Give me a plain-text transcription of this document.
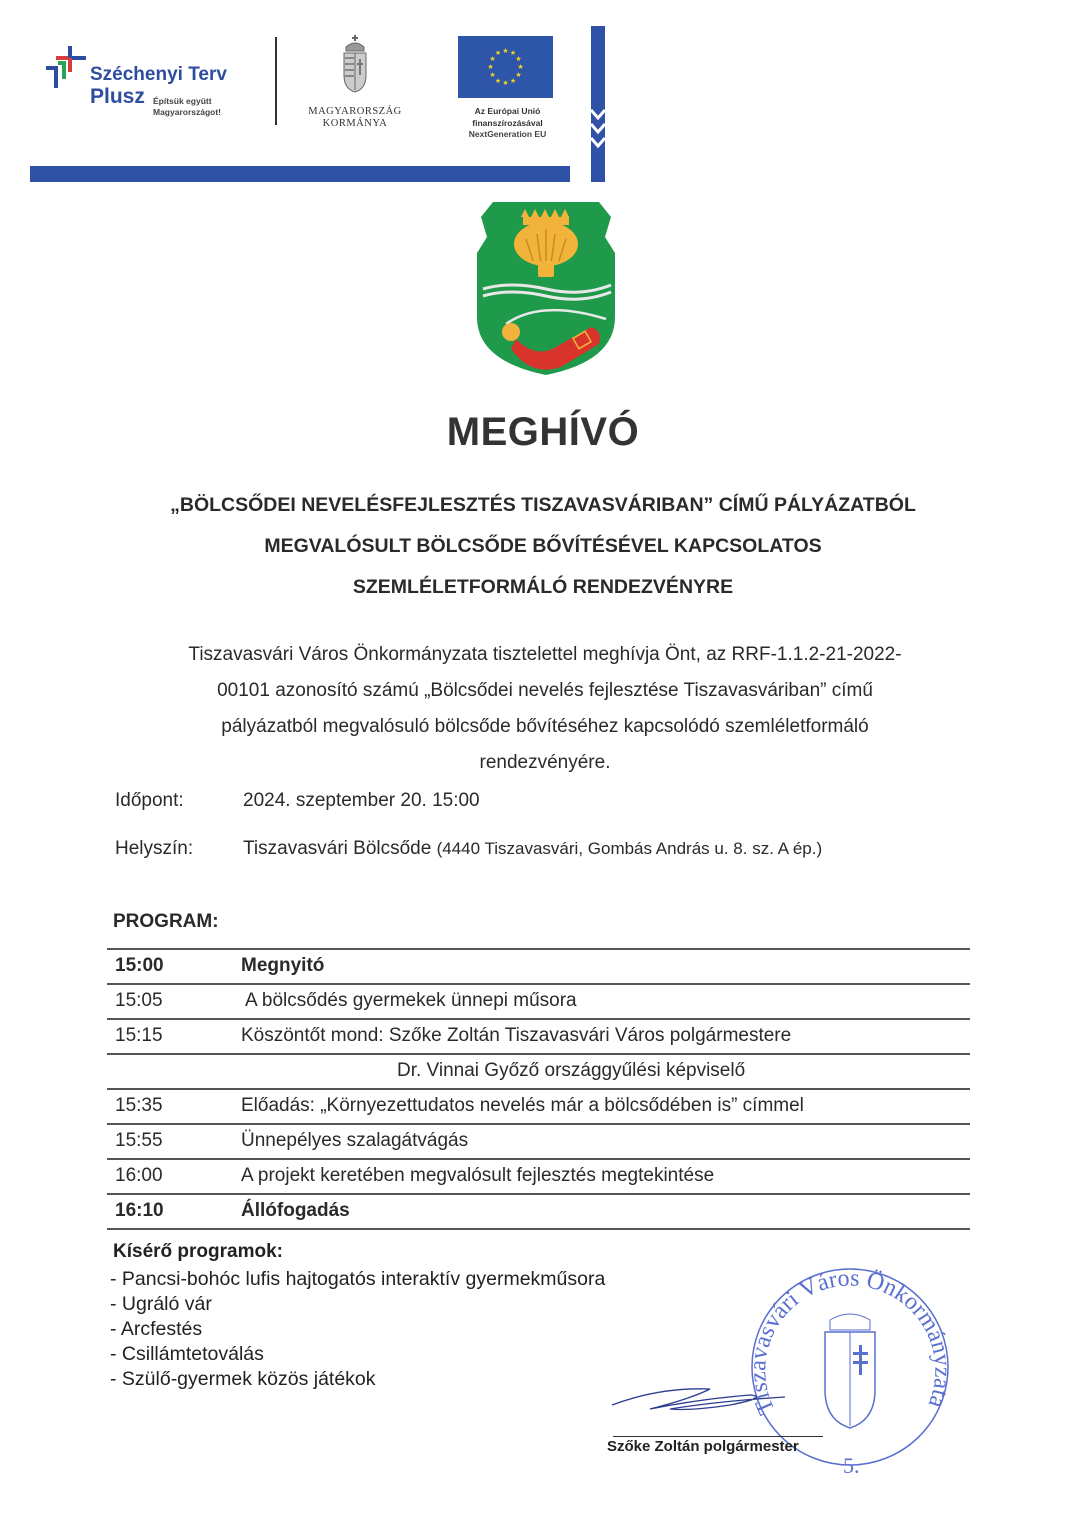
Széchenyi Terv
Plusz Építsük együtt
Magyarországot!	MAGYARORSZÁG
KORMÁNYA
★ ★
★
★
★
★
★
★
★
★
★
★
Az Európai Unió
finanszírozásával
NextGeneration EU
›››
MEGHÍVÓ
„BÖLCSŐDEI NEVELÉSFEJLESZTÉS TISZAVASVÁRIBAN” CÍMŰ PÁLYÁZATBÓL
MEGVALÓSULT BÖLCSŐDE BŐVÍTÉSÉVEL KAPCSOLATOS
SZEMLÉLETFORMÁLÓ RENDEZVÉNYRE
Tiszavasvári Város Önkormányzata tisztelettel meghívja Önt, az RRF-1.1.2-21-2022-
00101 azonosító számú „Bölcsődei nevelés fejlesztése Tiszavasváriban” című
pályázatból megvalósuló bölcsőde bővítéséhez kapcsolódó szemléletformáló
rendezvényére.
Időpont:	2024. szeptember 20. 15:00
Helyszín:	Tiszavasvári Bölcsőde (4440 Tiszavasvári, Gombás András u. 8. sz. A ép.)
PROGRAM:
15:00	Megnyitó
15:05	A bölcsődés gyermekek ünnepi műsora
15:15	Köszöntőt mond: Szőke Zoltán Tiszavasvári Város polgármestere
Dr. Vinnai Győző országgyűlési képviselő
15:35	Előadás: „Környezettudatos nevelés már a bölcsődében is” címmel
15:55	Ünnepélyes szalagátvágás
16:00	A projekt keretében megvalósult fejlesztés megtekintése
16:10	Állófogadás
Kísérő programok:
- Pancsi-bohóc lufis hajtogatós interaktív gyermekműsora
- Ugráló vár
- Arcfestés
- Csillámtetoválás
- Szülő-gyermek közös játékok
Tiszavasvári Város Önkormányzata
5.
Szőke Zoltán polgármester
